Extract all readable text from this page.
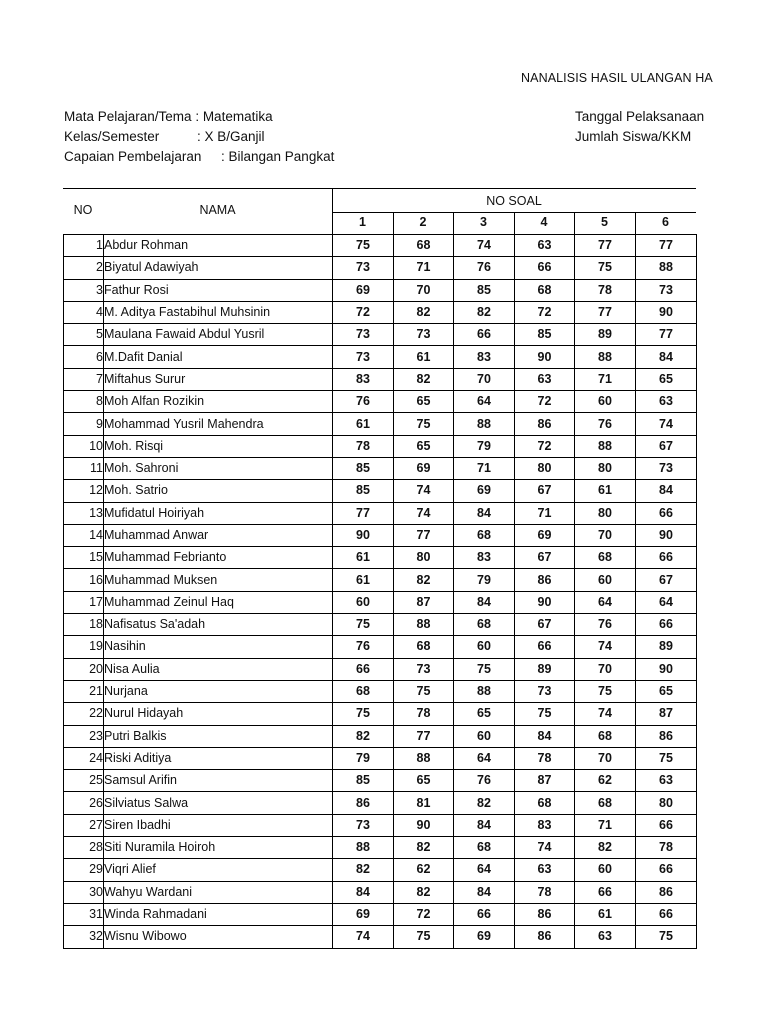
NANALISIS HASIL ULANGAN HA
Mata Pelajaran/Tema : Matematika
Kelas/Semester	: X B/Ganjil
Capaian Pembelajaran : Bilangan Pangkat
Tanggal Pelaksanaan
Jumlah Siswa/KKM
NO	NAMA
NO SOAL
1	2	3	4	5	6
1	Abdur Rohman	75	68	74	63	77	77
2	Biyatul Adawiyah	73	71	76	66	75	88
3	Fathur Rosi	69	70	85	68	78	73
4	M. Aditya Fastabihul Muhsinin	72	82	82	72	77	90
5	Maulana Fawaid Abdul Yusril	73	73	66	85	89	77
6	M.Dafit Danial	73	61	83	90	88	84
7	Miftahus Surur	83	82	70	63	71	65
8	Moh Alfan Rozikin	76	65	64	72	60	63
9	Mohammad Yusril Mahendra	61	75	88	86	76	74
10	Moh. Risqi	78	65	79	72	88	67
11	Moh. Sahroni	85	69	71	80	80	73
12	Moh. Satrio	85	74	69	67	61	84
13	Mufidatul Hoiriyah	77	74	84	71	80	66
14	Muhammad Anwar	90	77	68	69	70	90
15	Muhammad Febrianto	61	80	83	67	68	66
16	Muhammad Muksen	61	82	79	86	60	67
17	Muhammad Zeinul Haq	60	87	84	90	64	64
18	Nafisatus Sa'adah	75	88	68	67	76	66
19	Nasihin	76	68	60	66	74	89
20	Nisa Aulia	66	73	75	89	70	90
21	Nurjana	68	75	88	73	75	65
22	Nurul Hidayah	75	78	65	75	74	87
23	Putri Balkis	82	77	60	84	68	86
24	Riski Aditiya	79	88	64	78	70	75
25	Samsul Arifin	85	65	76	87	62	63
26	Silviatus Salwa	86	81	82	68	68	80
27	Siren Ibadhi	73	90	84	83	71	66
28	Siti Nuramila Hoiroh	88	82	68	74	82	78
29	Viqri Alief	82	62	64	63	60	66
30	Wahyu Wardani	84	82	84	78	66	86
31	Winda Rahmadani	69	72	66	86	61	66
32	Wisnu Wibowo	74	75	69	86	63	75
